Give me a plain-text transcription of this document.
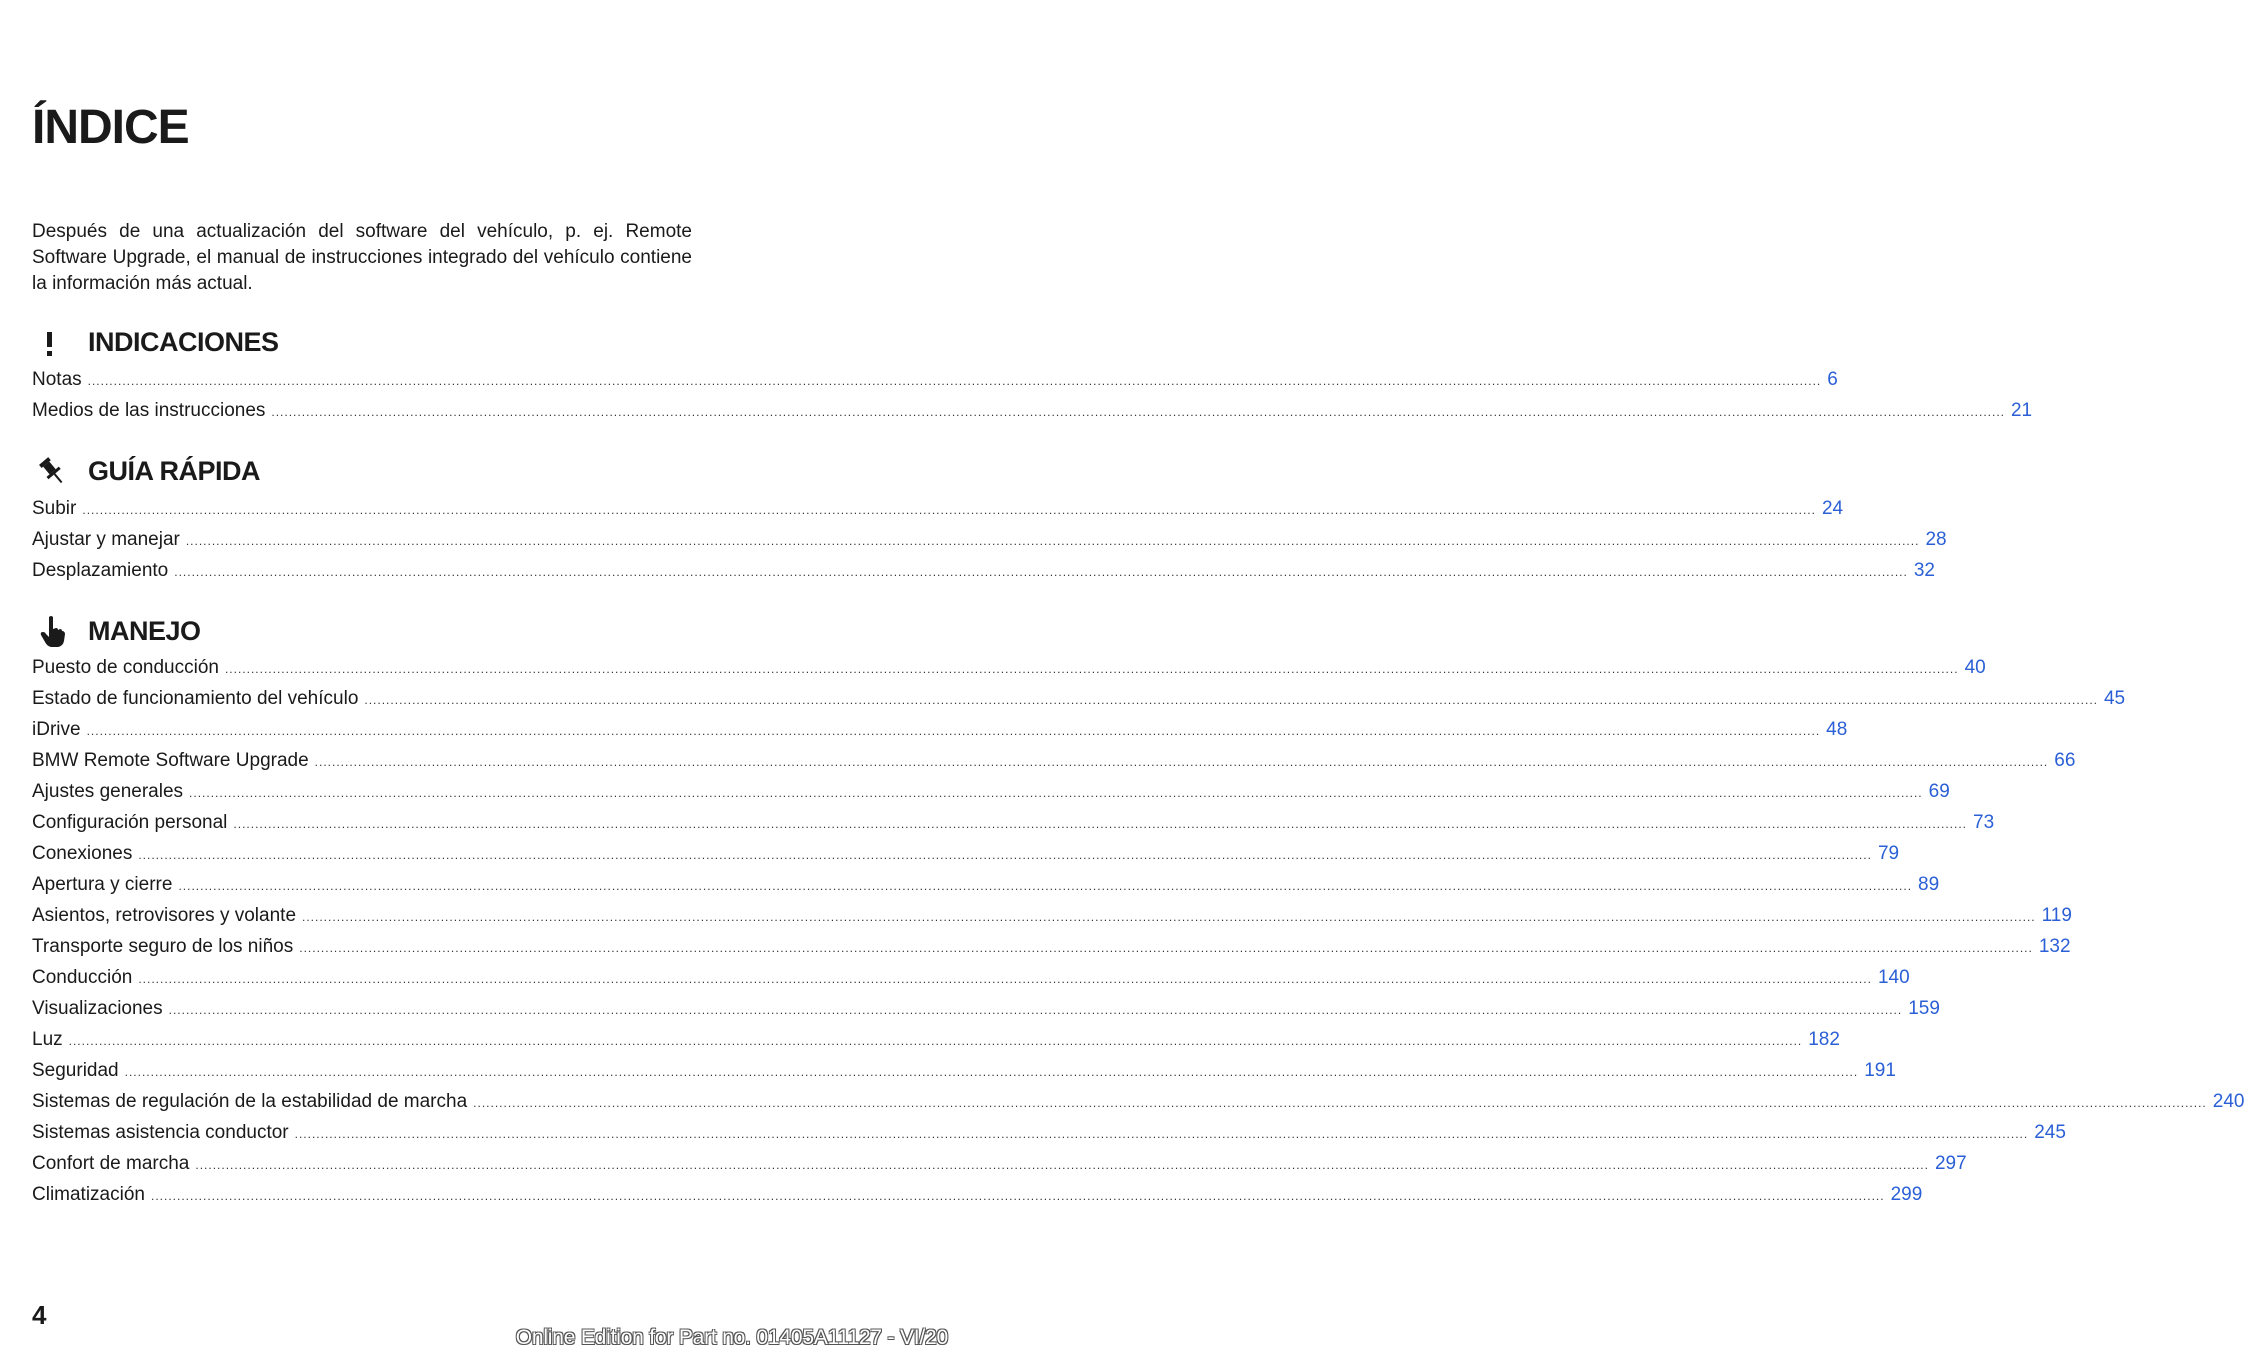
ÍNDICE

Después de una actualización del software del vehículo, p. ej. Remote Software Upgrade, el manual de instrucciones integrado del vehículo contiene la información más actual.

INDICACIONES
Notas ................................................................................................................................................................................................................................................................................................................................................................................................................ 6
Medios de las instrucciones ................................................................................................................................................................................................................................................................................................................................................................................................................ 21
GUÍA RÁPIDA
Subir ................................................................................................................................................................................................................................................................................................................................................................................................................ 24
Ajustar y manejar ................................................................................................................................................................................................................................................................................................................................................................................................................ 28
Desplazamiento ................................................................................................................................................................................................................................................................................................................................................................................................................ 32
MANEJO
Puesto de conducción ................................................................................................................................................................................................................................................................................................................................................................................................................ 40
Estado de funcionamiento del vehículo ................................................................................................................................................................................................................................................................................................................................................................................................................ 45
iDrive ................................................................................................................................................................................................................................................................................................................................................................................................................ 48
BMW Remote Software Upgrade ................................................................................................................................................................................................................................................................................................................................................................................................................ 66
Ajustes generales ................................................................................................................................................................................................................................................................................................................................................................................................................ 69
Configuración personal ................................................................................................................................................................................................................................................................................................................................................................................................................ 73
Conexiones ................................................................................................................................................................................................................................................................................................................................................................................................................ 79
Apertura y cierre ................................................................................................................................................................................................................................................................................................................................................................................................................ 89
Asientos, retrovisores y volante ................................................................................................................................................................................................................................................................................................................................................................................................................ 119
Transporte seguro de los niños ................................................................................................................................................................................................................................................................................................................................................................................................................ 132
Conducción ................................................................................................................................................................................................................................................................................................................................................................................................................ 140
Visualizaciones ................................................................................................................................................................................................................................................................................................................................................................................................................ 159
Luz ................................................................................................................................................................................................................................................................................................................................................................................................................ 182
Seguridad ................................................................................................................................................................................................................................................................................................................................................................................................................ 191
Sistemas de regulación de la estabilidad de marcha ................................................................................................................................................................................................................................................................................................................................................................................................................ 240
Sistemas asistencia conductor ................................................................................................................................................................................................................................................................................................................................................................................................................ 245
Confort de marcha ................................................................................................................................................................................................................................................................................................................................................................................................................ 297
Climatización ................................................................................................................................................................................................................................................................................................................................................................................................................ 299
4
Online Edition for Part no. 01405A11127 - VI/20
